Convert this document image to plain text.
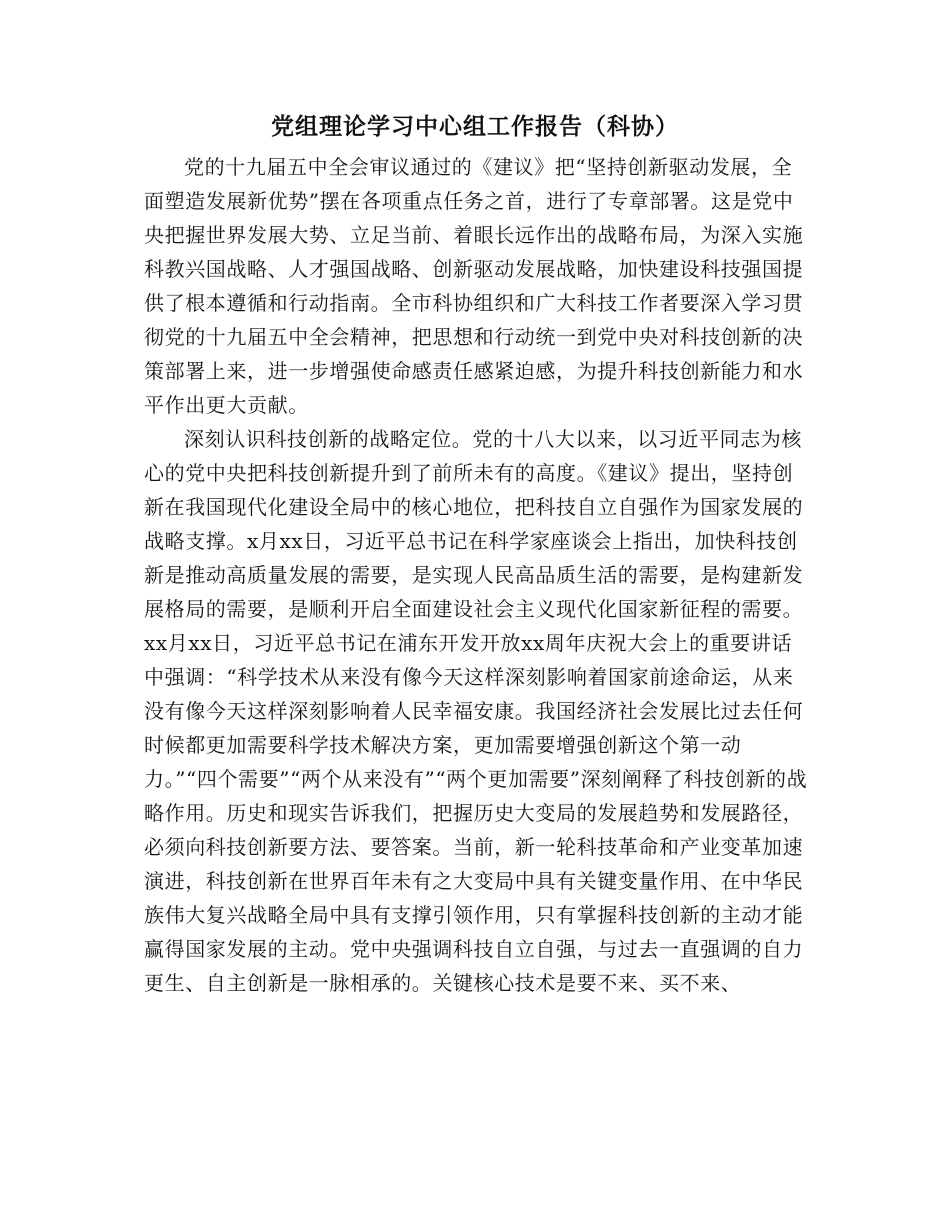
党组理论学习中心组工作报告（科协）

党的十九届五中全会审议通过的《建议》把“坚持创新驱动发展，全面塑造发展新优势”摆在各项重点任务之首，进行了专章部署。这是党中央把握世界发展大势、立足当前、着眼长远作出的战略布局，为深入实施科教兴国战略、人才强国战略、创新驱动发展战略，加快建设科技强国提供了根本遵循和行动指南。全市科协组织和广大科技工作者要深入学习贯彻党的十九届五中全会精神，把思想和行动统一到党中央对科技创新的决策部署上来，进一步增强使命感责任感紧迫感，为提升科技创新能力和水平作出更大贡献。

深刻认识科技创新的战略定位。党的十八大以来，以习近平同志为核心的党中央把科技创新提升到了前所未有的高度。《建议》提出，坚持创新在我国现代化建设全局中的核心地位，把科技自立自强作为国家发展的战略支撑。x月xx日，习近平总书记在科学家座谈会上指出，加快科技创新是推动高质量发展的需要，是实现人民高品质生活的需要，是构建新发展格局的需要，是顺利开启全面建设社会主义现代化国家新征程的需要。xx月xx日，习近平总书记在浦东开发开放xx周年庆祝大会上的重要讲话中强调：“科学技术从来没有像今天这样深刻影响着国家前途命运，从来没有像今天这样深刻影响着人民幸福安康。我国经济社会发展比过去任何时候都更加需要科学技术解决方案，更加需要增强创新这个第一动力。”“四个需要”“两个从来没有”“两个更加需要”深刻阐释了科技创新的战略作用。历史和现实告诉我们，把握历史大变局的发展趋势和发展路径，必须向科技创新要方法、要答案。当前，新一轮科技革命和产业变革加速演进，科技创新在世界百年未有之大变局中具有关键变量作用、在中华民族伟大复兴战略全局中具有支撑引领作用，只有掌握科技创新的主动才能赢得国家发展的主动。党中央强调科技自立自强，与过去一直强调的自力更生、自主创新是一脉相承的。关键核心技术是要不来、买不来、
